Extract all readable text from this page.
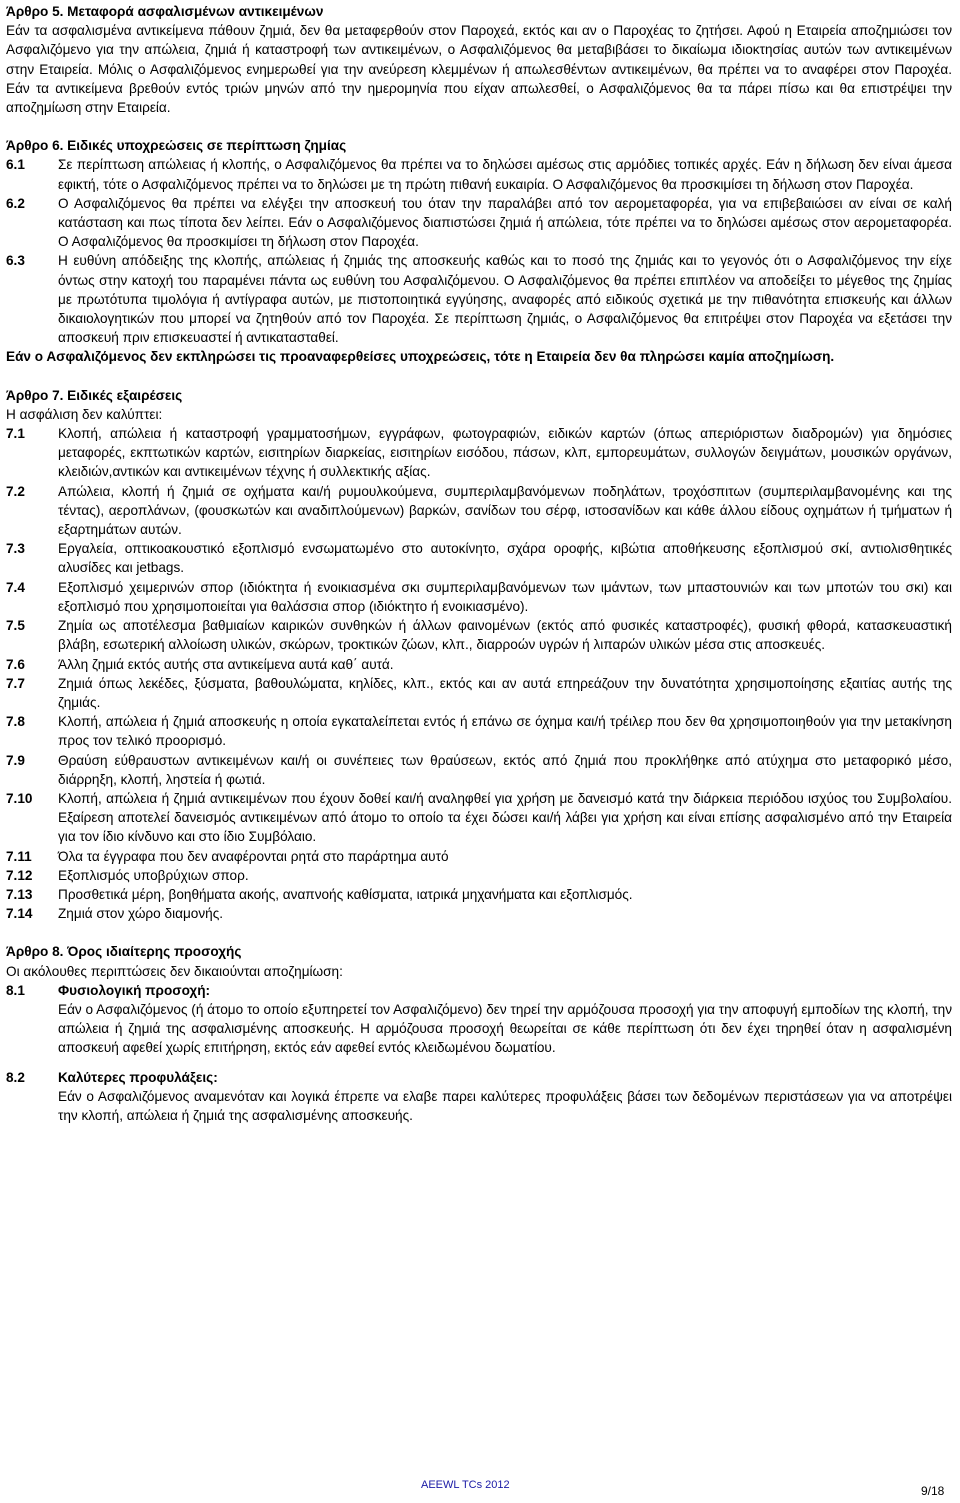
Άρθρο 5. Μεταφορά ασφαλισμένων αντικειμένων

Εάν τα ασφαλισμένα αντικείμενα πάθουν ζημιά, δεν θα μεταφερθούν στον Παροχεά, εκτός και αν ο Παροχέας το ζητήσει. Αφού η Εταιρεία αποζημιώσει τον Ασφαλιζόμενο για την απώλεια, ζημιά ή καταστροφή των αντικειμένων, ο Ασφαλιζόμενος θα μεταβιβάσει το δικαίωμα ιδιοκτησίας αυτών των αντικειμένων στην Εταιρεία. Μόλις ο Ασφαλιζόμενος ενημερωθεί για την ανεύρεση κλεμμένων ή απωλεσθέντων αντικειμένων, θα πρέπει να το αναφέρει στον Παροχέα. Εάν τα αντικείμενα βρεθούν εντός τριών μηνών από την ημερομηνία που είχαν απωλεσθεί, ο Ασφαλιζόμενος θα τα πάρει πίσω και θα επιστρέψει την αποζημίωση στην Εταιρεία.

Άρθρο 6. Ειδικές υποχρεώσεις σε περίπτωση ζημίας

6.1	Σε περίπτωση απώλειας ή κλοπής, ο Ασφαλιζόμενος θα πρέπει να το δηλώσει αμέσως στις αρμόδιες τοπικές αρχές. Εάν η δήλωση δεν είναι άμεσα εφικτή, τότε ο Ασφαλιζόμενος πρέπει να το δηλώσει με τη πρώτη πιθανή ευκαιρία. Ο Ασφαλιζόμενος θα προσκιμίσει τη δήλωση στον Παροχέα.
6.2	Ο Ασφαλιζόμενος θα πρέπει να ελέγξει την αποσκευή του όταν την παραλάβει από τον αερομεταφορέα, για να επιβεβαιώσει αν είναι σε καλή κατάσταση και πως τίποτα δεν λείπει. Εάν ο Ασφαλιζόμενος διαπιστώσει ζημιά ή απώλεια, τότε πρέπει να το δηλώσει αμέσως στον αερομεταφορέα. Ο Ασφαλιζόμενος θα προσκιμίσει τη δήλωση στον Παροχέα.
6.3	Η ευθύνη απόδειξης της κλοπής, απώλειας ή ζημιάς της αποσκευής καθώς και το ποσό της ζημιάς και το γεγονός ότι ο Ασφαλιζόμενος την είχε όντως στην κατοχή του παραμένει πάντα ως ευθύνη του Ασφαλιζόμενου. Ο Ασφαλιζόμενος θα πρέπει επιπλέον να αποδείξει το μέγεθος της ζημίας με πρωτότυπα τιμολόγια ή αντίγραφα αυτών, με πιστοποιητικά εγγύησης, αναφορές από ειδικούς σχετικά με την πιθανότητα επισκευής και άλλων δικαιολογητικών που μπορεί να ζητηθούν από τον Παροχέα. Σε περίπτωση ζημιάς, ο Ασφαλιζόμενος θα επιτρέψει στον Παροχέα να εξετάσει την αποσκευή πριν επισκευαστεί ή αντικατασταθεί.

Εάν ο Ασφαλιζόμενος δεν εκπληρώσει τις προαναφερθείσες υποχρεώσεις, τότε η Εταιρεία δεν θα πληρώσει καμία αποζημίωση.

Άρθρο 7. Ειδικές εξαιρέσεις

Η ασφάλιση δεν καλύπτει:

7.1	Κλοπή, απώλεια ή καταστροφή γραμματοσήμων, εγγράφων, φωτογραφιών, ειδικών καρτών (όπως απεριόριστων διαδρομών) για δημόσιες μεταφορές, εκπτωτικών καρτών, εισιτηρίων διαρκείας, εισιτηρίων εισόδου, πάσων, κλπ, εμπορευμάτων, συλλογών δειγμάτων, μουσικών οργάνων, κλειδιών,αντικών και αντικειμένων τέχνης ή συλλεκτικής αξίας.
7.2	Απώλεια, κλοπή ή ζημιά σε οχήματα και/ή ρυμουλκούμενα, συμπεριλαμβανόμενων ποδηλάτων, τροχόσπιτων (συμπεριλαμβανομένης και της τέντας), αεροπλάνων, (φουσκωτών και αναδιπλούμενων) βαρκών, σανίδων του σέρφ, ιστοσανίδων και κάθε άλλου είδους οχημάτων ή τμήματων ή εξαρτημάτων αυτών.
7.3	Εργαλεία, οπτικοακουστικό εξοπλισμό ενσωματωμένο στο αυτοκίνητο, σχάρα οροφής, κιβώτια αποθήκευσης εξοπλισμού σκί, αντιολισθητικές αλυσίδες και jetbags.
7.4	Εξοπλισμό χειμερινών σπορ (ιδιόκτητα ή ενοικιασμένα σκι συμπεριλαμβανόμενων των ιμάντων, των μπαστουνιών και των μποτών του σκι) και εξοπλισμό που χρησιμοποιείται για θαλάσσια σπορ (ιδιόκτητο ή ενοικιασμένο).
7.5	Ζημία ως αποτέλεσμα βαθμιαίων καιρικών συνθηκών ή άλλων φαινομένων (εκτός από φυσικές καταστροφές), φυσική φθορά, κατασκευαστική βλάβη, εσωτερική αλλοίωση υλικών, σκώρων, τροκτικών ζώων, κλπ., διαρροών υγρών ή λιπαρών υλικών μέσα στις αποσκευές.
7.6	Άλλη ζημιά εκτός αυτής στα αντικείμενα αυτά καθ΄ αυτά.
7.7	Ζημιά όπως λεκέδες, ξύσματα, βαθουλώματα, κηλίδες, κλπ., εκτός και αν αυτά επηρεάζουν την δυνατότητα χρησιμοποίησης εξαιτίας αυτής της ζημιάς.
7.8	Κλοπή, απώλεια ή ζημιά αποσκευής η οποία εγκαταλείπεται εντός ή επάνω σε όχημα και/ή τρέιλερ που δεν θα χρησιμοποιηθούν για την μετακίνηση προς τον τελικό προορισμό.
7.9	Θραύση εύθραυστων αντικειμένων και/ή οι συνέπειες των θραύσεων, εκτός από ζημιά που προκλήθηκε από ατύχημα στο μεταφορικό μέσο, διάρρηξη, κλοπή, ληστεία ή φωτιά.
7.10	Κλοπή, απώλεια ή ζημιά αντικειμένων που έχουν δοθεί και/ή αναληφθεί για χρήση με δανεισμό κατά την διάρκεια περιόδου ισχύος του Συμβολαίου. Εξαίρεση αποτελεί δανεισμός αντικειμένων από άτομο το οποίο τα έχει δώσει και/ή λάβει για χρήση και είναι επίσης ασφαλισμένο από την Εταιρεία για τον ίδιο κίνδυνο και στο ίδιο Συμβόλαιο.
7.11	Όλα τα έγγραφα που δεν αναφέρονται ρητά στο παράρτημα αυτό
7.12	Εξοπλισμός υποβρύχιων σπορ.
7.13	Προσθετικά μέρη, βοηθήματα ακοής, αναπνοής καθίσματα, ιατρικά μηχανήματα και εξοπλισμός.
7.14	Ζημιά στον χώρο διαμονής.

Άρθρο 8. Όρος ιδιαίτερης προσοχής

Οι ακόλουθες περιπτώσεις δεν δικαιούνται αποζημίωση:

8.1	Φυσιολογική προσοχή:
Εάν ο Ασφαλιζόμενος (ή άτομο το οποίο εξυπηρετεί τον Ασφαλιζόμενο) δεν τηρεί την αρμόζουσα προσοχή για την αποφυγή εμποδίων της κλοπή, την απώλεια ή ζημιά της ασφαλισμένης αποσκευής. Η αρμόζουσα προσοχή θεωρείται σε κάθε περίπτωση ότι δεν έχει τηρηθεί όταν η ασφαλισμένη αποσκευή αφεθεί χωρίς επιτήρηση, εκτός εάν αφεθεί εντός κλειδωμένου δωματίου.
8.2	Καλύτερες προφυλάξεις:
Εάν ο Ασφαλιζόμενος αναμενόταν και λογικά έπρεπε να ελαβε παρει καλύτερες προφυλάξεις βάσει των δεδομένων περιστάσεων για να αποτρέψει την κλοπή, απώλεια ή ζημιά της ασφαλισμένης αποσκευής.
AEEWL TCs 2012	9/18
